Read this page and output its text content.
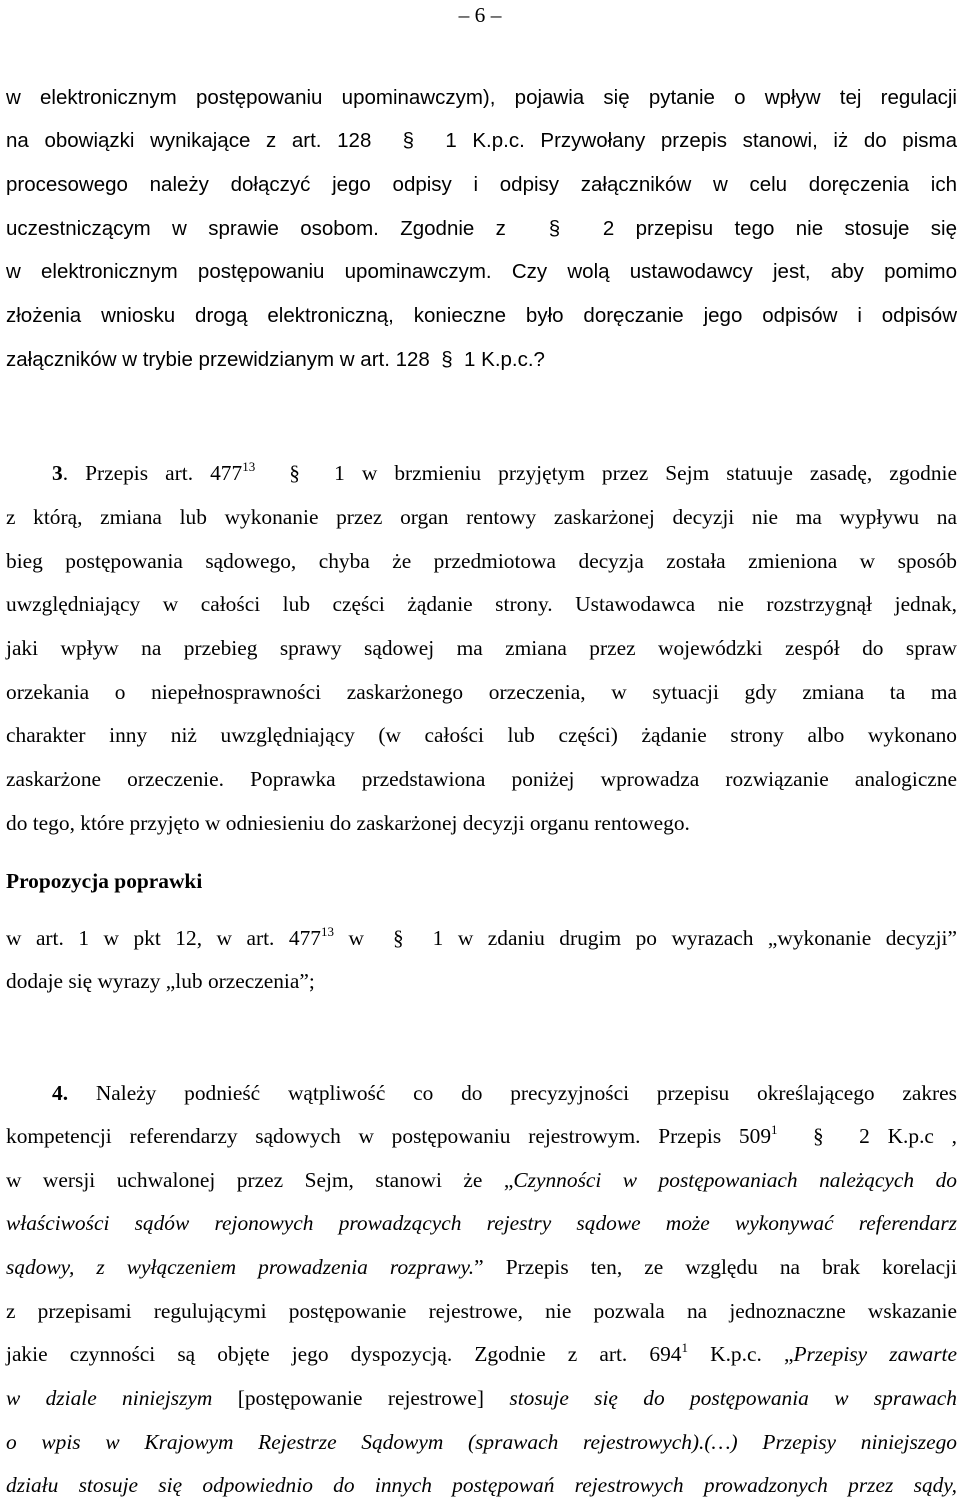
– 6 –
w elektronicznym postępowaniu upominawczym), pojawia się pytanie o wpływ tej regulacji
na obowiązki wynikające z art. 128 § 1 K.p.c. Przywołany przepis stanowi, iż do pisma
procesowego należy dołączyć jego odpisy i odpisy załączników w celu doręczenia ich
uczestniczącym w sprawie osobom. Zgodnie z § 2 przepisu tego nie stosuje się
w elektronicznym postępowaniu upominawczym. Czy wolą ustawodawcy jest, aby pomimo
złożenia wniosku drogą elektroniczną, konieczne było doręczanie jego odpisów i odpisów
załączników w trybie przewidzianym w art. 128 § 1 K.p.c.?
3. Przepis art. $477^{13}$ § 1 w brzmieniu przyjętym przez Sejm statuuje zasadę, zgodnie
z którą, zmiana lub wykonanie przez organ rentowy zaskarżonej decyzji nie ma wypływu na
bieg postępowania sądowego, chyba że przedmiotowa decyzja została zmieniona w sposób
uwzględniający w całości lub części żądanie strony. Ustawodawca nie rozstrzygnął jednak,
jaki wpływ na przebieg sprawy sądowej ma zmiana przez wojewódzki zespół do spraw
orzekania o niepełnosprawności zaskarżonego orzeczenia, w sytuacji gdy zmiana ta ma
charakter inny niż uwzględniający (w całości lub części) żądanie strony albo wykonano
zaskarżone orzeczenie. Poprawka przedstawiona poniżej wprowadza rozwiązanie analogiczne
do tego, które przyjęto w odniesieniu do zaskarżonej decyzji organu rentowego.
Propozycja poprawki
w art. 1 w pkt 12, w art. $477^{13}$ w § 1 w zdaniu drugim po wyrazach „wykonanie decyzji”
dodaje się wyrazy „lub orzeczenia”;
4. Należy podnieść wątpliwość co do precyzyjności przepisu określającego zakres
kompetencji referendarzy sądowych w postępowaniu rejestrowym. Przepis $509^1$ § 2 K.p.c ,
w wersji uchwalonej przez Sejm, stanowi że „Czynności w postępowaniach należących do
właściwości sądów rejonowych prowadzących rejestry sądowe może wykonywać referendarz
sądowy, z wyłączeniem prowadzenia rozprawy.” Przepis ten, ze względu na brak korelacji
z przepisami regulującymi postępowanie rejestrowe, nie pozwala na jednoznaczne wskazanie
jakie czynności są objęte jego dyspozycją. Zgodnie z art. $694^1$ K.p.c. „Przepisy zawarte
w dziale niniejszym [postępowanie rejestrowe] stosuje się do postępowania w sprawach
o wpis w Krajowym Rejestrze Sądowym (sprawach rejestrowych).(…) Przepisy niniejszego
działu stosuje się odpowiednio do innych postępowań rejestrowych prowadzonych przez sądy,
